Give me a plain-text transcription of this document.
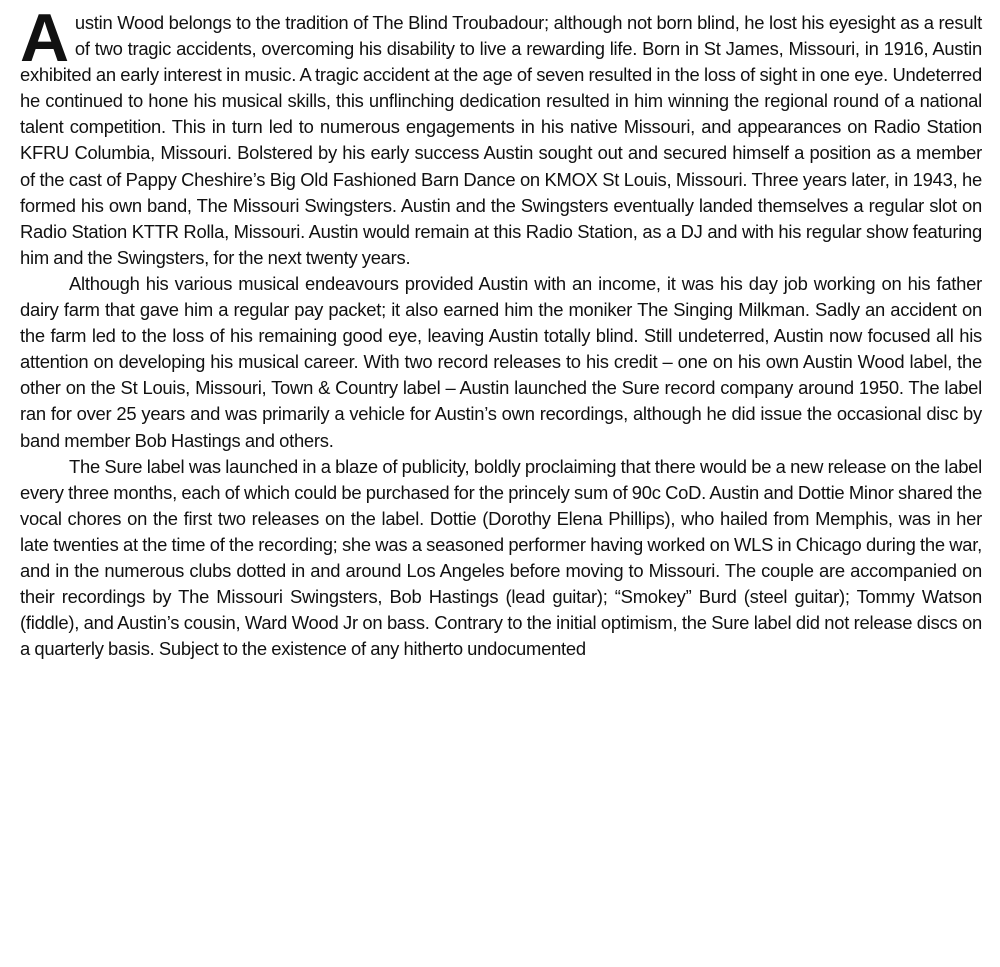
Austin Wood belongs to the tradition of The Blind Troubadour; although not born blind, he lost his eyesight as a result of two tragic accidents, overcoming his disability to live a rewarding life. Born in St James, Missouri, in 1916, Austin exhibited an early interest in music. A tragic accident at the age of seven resulted in the loss of sight in one eye. Undeterred he continued to hone his musical skills, this unflinching dedication resulted in him winning the regional round of a national talent competition. This in turn led to numerous engagements in his native Missouri, and appearances on Radio Station KFRU Columbia, Missouri. Bolstered by his early success Austin sought out and secured himself a position as a member of the cast of Pappy Cheshire’s Big Old Fashioned Barn Dance on KMOX St Louis, Missouri. Three years later, in 1943, he formed his own band, The Missouri Swingsters. Austin and the Swingsters eventually landed themselves a regular slot on Radio Station KTTR Rolla, Missouri. Austin would remain at this Radio Station, as a DJ and with his regular show featuring him and the Swingsters, for the next twenty years.

Although his various musical endeavours provided Austin with an income, it was his day job working on his father dairy farm that gave him a regular pay packet; it also earned him the moniker The Singing Milkman. Sadly an accident on the farm led to the loss of his remaining good eye, leaving Austin totally blind. Still undeterred, Austin now focused all his attention on developing his musical career. With two record releases to his credit – one on his own Austin Wood label, the other on the St Louis, Missouri, Town & Country label – Austin launched the Sure record company around 1950. The label ran for over 25 years and was primarily a vehicle for Austin’s own recordings, although he did issue the occasional disc by band member Bob Hastings and others.

The Sure label was launched in a blaze of publicity, boldly proclaiming that there would be a new release on the label every three months, each of which could be purchased for the princely sum of 90c CoD. Austin and Dottie Minor shared the vocal chores on the first two releases on the label. Dottie (Dorothy Elena Phillips), who hailed from Memphis, was in her late twenties at the time of the recording; she was a seasoned performer having worked on WLS in Chicago during the war, and in the numerous clubs dotted in and around Los Angeles before moving to Missouri. The couple are accompanied on their recordings by The Missouri Swingsters, Bob Hastings (lead guitar); “Smokey” Burd (steel guitar); Tommy Watson (fiddle), and Austin’s cousin, Ward Wood Jr on bass. Contrary to the initial optimism, the Sure label did not release discs on a quarterly basis. Subject to the existence of any hitherto undocumented
